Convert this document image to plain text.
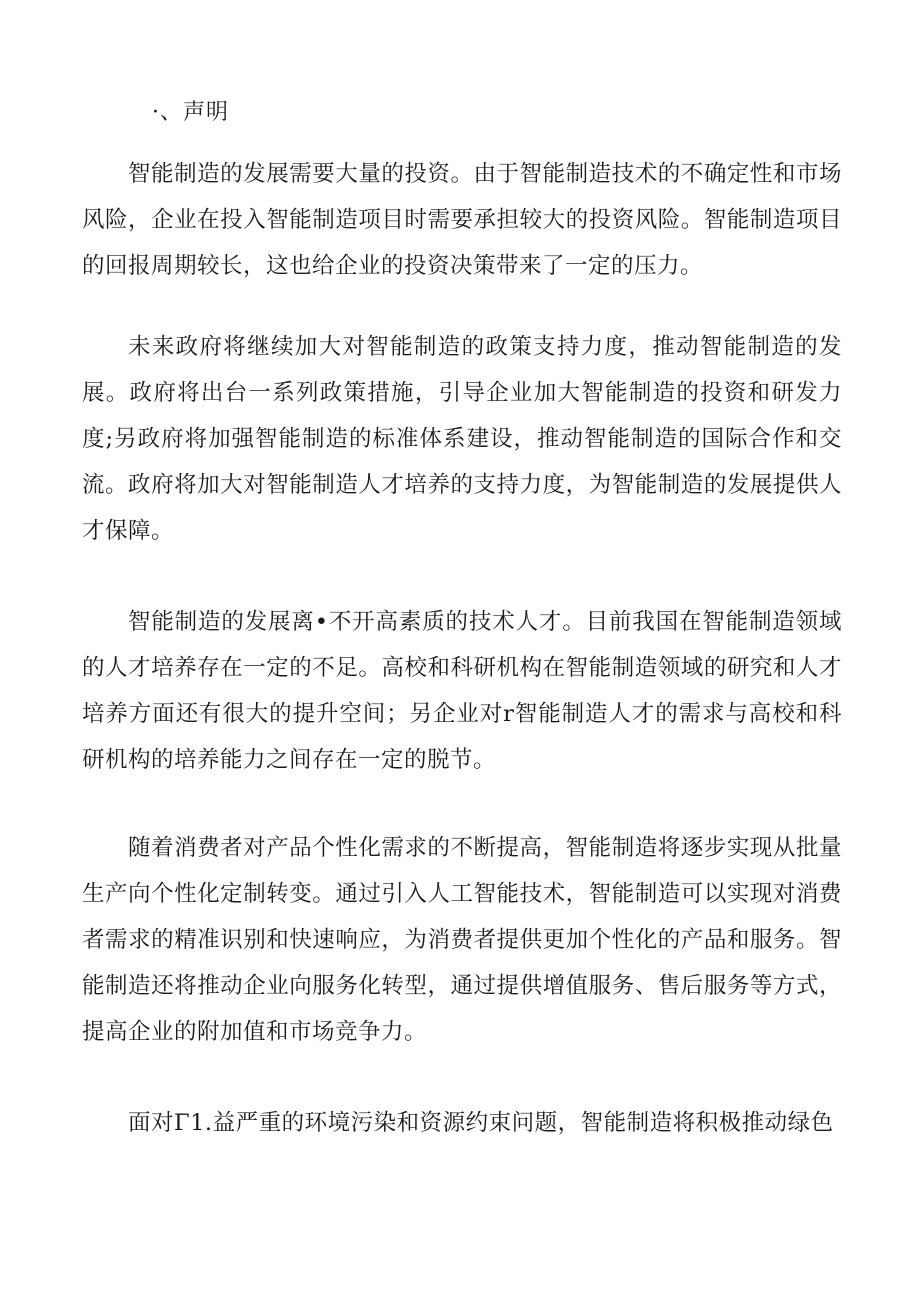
·、声明

智能制造的发展需要大量的投资。由于智能制造技术的不确定性和市场风险，企业在投入智能制造项目时需要承担较大的投资风险。智能制造项目的回报周期较长，这也给企业的投资决策带来了一定的压力。

未来政府将继续加大对智能制造的政策支持力度，推动智能制造的发展。政府将出台一系列政策措施，引导企业加大智能制造的投资和研发力度;另政府将加强智能制造的标准体系建设，推动智能制造的国际合作和交流。政府将加大对智能制造人才培养的支持力度，为智能制造的发展提供人才保障。

智能制造的发展离•不开高素质的技术人才。目前我国在智能制造领域的人才培养存在一定的不足。高校和科研机构在智能制造领域的研究和人才培养方面还有很大的提升空间；另企业对r智能制造人才的需求与高校和科研机构的培养能力之间存在一定的脱节。

随着消费者对产品个性化需求的不断提高，智能制造将逐步实现从批量生产向个性化定制转变。通过引入人工智能技术，智能制造可以实现对消费者需求的精准识别和快速响应，为消费者提供更加个性化的产品和服务。智能制造还将推动企业向服务化转型，通过提供增值服务、售后服务等方式，提高企业的附加值和市场竞争力。

面对Γ1.益严重的环境污染和资源约束问题，智能制造将积极推动绿色
